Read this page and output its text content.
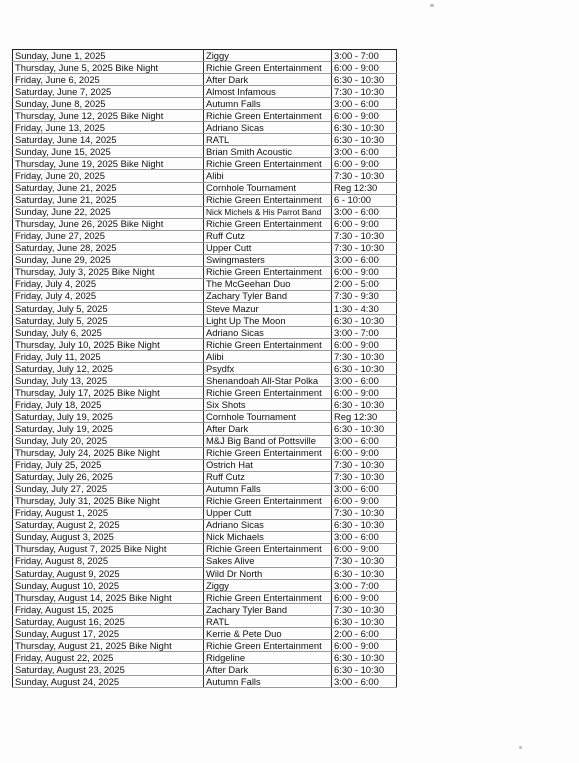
Sunday, June 1, 2025	Ziggy	3:00 - 7:00
Thursday, June 5, 2025 Bike Night	Richie Green Entertainment	6:00 - 9:00
Friday, June 6, 2025	After Dark	6:30 - 10:30
Saturday, June 7, 2025	Almost Infamous	7:30 - 10:30
Sunday, June 8, 2025	Autumn Falls	3:00 - 6:00
Thursday, June 12, 2025 Bike Night	Richie Green Entertainment	6:00 - 9:00
Friday, June 13, 2025	Adriano Sicas	6:30 - 10:30
Saturday, June 14, 2025	RATL	6:30 - 10:30
Sunday, June 15, 2025	Brian Smith Acoustic	3:00 - 6:00
Thursday, June 19, 2025 Bike Night	Richie Green Entertainment	6:00 - 9:00
Friday, June 20, 2025	Alibi	7:30 - 10:30
Saturday, June 21, 2025	Cornhole Tournament	Reg 12:30
Saturday, June 21, 2025	Richie Green Entertainment	6 - 10:00
Sunday, June 22, 2025	Nick Michels & His Parrot Band	3:00 - 6:00
Thursday, June 26, 2025 Bike Night	Richie Green Entertainment	6:00 - 9:00
Friday, June 27, 2025	Ruff Cutz	7:30 - 10:30
Saturday, June 28, 2025	Upper Cutt	7:30 - 10:30
Sunday, June 29, 2025	Swingmasters	3:00 - 6:00
Thursday, July 3, 2025 Bike Night	Richie Green Entertainment	6:00 - 9:00
Friday, July 4, 2025	The McGeehan Duo	2:00 - 5:00
Friday, July 4, 2025	Zachary Tyler Band	7:30 - 9:30
Saturday, July 5, 2025	Steve Mazur	1:30 - 4:30
Saturday, July 5, 2025	Light Up The Moon	6:30 - 10:30
Sunday, July 6, 2025	Adriano Sicas	3:00 - 7:00
Thursday, July 10, 2025 Bike Night	Richie Green Entertainment	6:00 - 9:00
Friday, July 11, 2025	Alibi	7:30 - 10:30
Saturday, July 12, 2025	Psydfx	6:30 - 10:30
Sunday, July 13, 2025	Shenandoah All-Star Polka	3:00 - 6:00
Thursday, July 17, 2025 Bike Night	Richie Green Entertainment	6:00 - 9:00
Friday, July 18, 2025	Six Shots	6:30 - 10:30
Saturday, July 19, 2025	Cornhole Tournament	Reg 12:30
Saturday, July 19, 2025	After Dark	6:30 - 10:30
Sunday, July 20, 2025	M&J Big Band of Pottsville	3:00 - 6:00
Thursday, July 24, 2025 Bike Night	Richie Green Entertainment	6:00 - 9:00
Friday, July 25, 2025	Ostrich Hat	7:30 - 10:30
Saturday, July 26, 2025	Ruff Cutz	7:30 - 10:30
Sunday, July 27, 2025	Autumn Falls	3:00 - 6:00
Thursday, July 31, 2025 Bike Night	Richie Green Entertainment	6:00 - 9:00
Friday, August 1, 2025	Upper Cutt	7:30 - 10:30
Saturday, August 2, 2025	Adriano Sicas	6:30 - 10:30
Sunday, August 3, 2025	Nick Michaels	3:00 - 6:00
Thursday, August 7, 2025 Bike Night	Richie Green Entertainment	6:00 - 9:00
Friday, August 8, 2025	Sakes Alive	7:30 - 10:30
Saturday, August 9, 2025	Wild Dr North	6:30 - 10:30
Sunday, August 10, 2025	Ziggy	3:00 - 7:00
Thursday, August 14, 2025 Bike Night	Richie Green Entertainment	6:00 - 9:00
Friday, August 15, 2025	Zachary Tyler Band	7:30 - 10:30
Saturday, August 16, 2025	RATL	6:30 - 10:30
Sunday, August 17, 2025	Kerrie & Pete Duo	2:00 - 6:00
Thursday, August 21, 2025 Bike Night	Richie Green Entertainment	6:00 - 9:00
Friday, August 22, 2025	Ridgeline	6:30 - 10:30
Saturday, August 23, 2025	After Dark	6:30 - 10:30
Sunday, August 24, 2025	Autumn Falls	3:00 - 6:00
